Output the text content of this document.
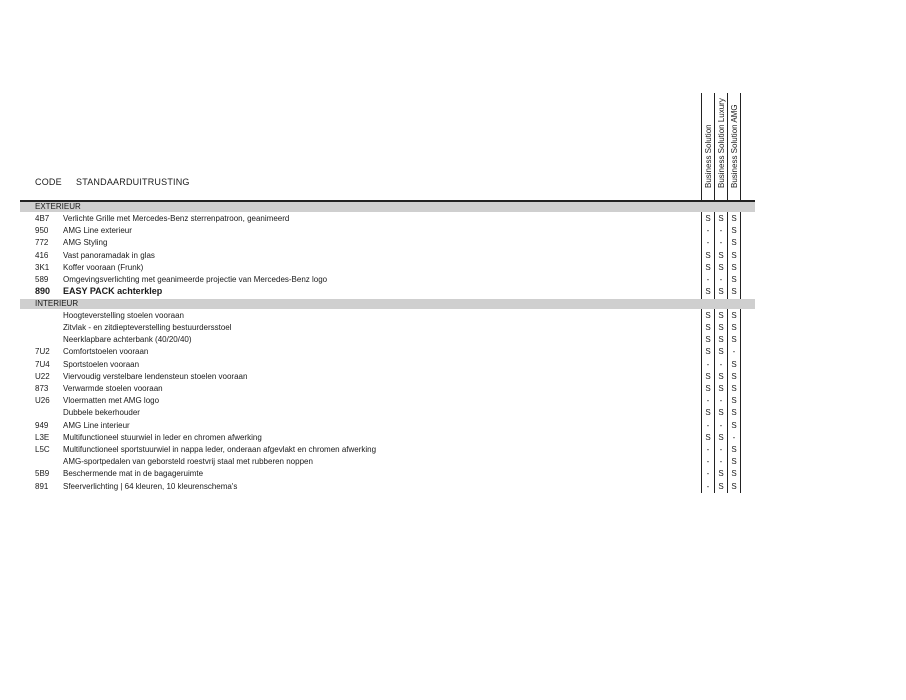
CODE STANDAARDUITRUSTING	Business Solution Business Solution Luxury Business Solution AMG
4B7 Verlichte Grille met Mercedes-Benz sterrenpatroon, geanimeerd	S S S
950 AMG Line exterieur	-	-	S
772 AMG Styling	-	-	S
416 Vast panoramadak in glas	S S S
3K1 Koffer vooraan (Frunk)	S S S
589 Omgevingsverlichting met geanimeerde projectie van Mercedes-Benz logo	-	-	S
890 EASY PACK achterklep	S S S
Hoogteverstelling stoelen vooraan	S S S
Zitvlak - en zitdiepteverstelling bestuurdersstoel	S S S
Neerklapbare achterbank (40/20/40)	S S S
7U2 Comfortstoelen vooraan	S S	-
7U4 Sportstoelen vooraan	-	-	S
U22 Viervoudig verstelbare lendensteun stoelen vooraan	S S S
873 Verwarmde stoelen vooraan	S S S
U26 Vloermatten met AMG logo	-	-	S
Dubbele bekerhouder	S S S
949 AMG Line interieur	-	-	S
L3E Multifunctioneel stuurwiel in leder en chromen afwerking	S S	-
L5C Multifunctioneel sportstuurwiel in nappa leder, onderaan afgevlakt en chromen afwerking	-	-	S
AMG-sportpedalen van geborsteld roestvrij staal met rubberen noppen	-	-	S
5B9 Beschermende mat in de bagageruimte	-	S S
891 Sfeerverlichting | 64 kleuren, 10 kleurenschema's	-	S S
EXTERIEUR
INTERIEUR
